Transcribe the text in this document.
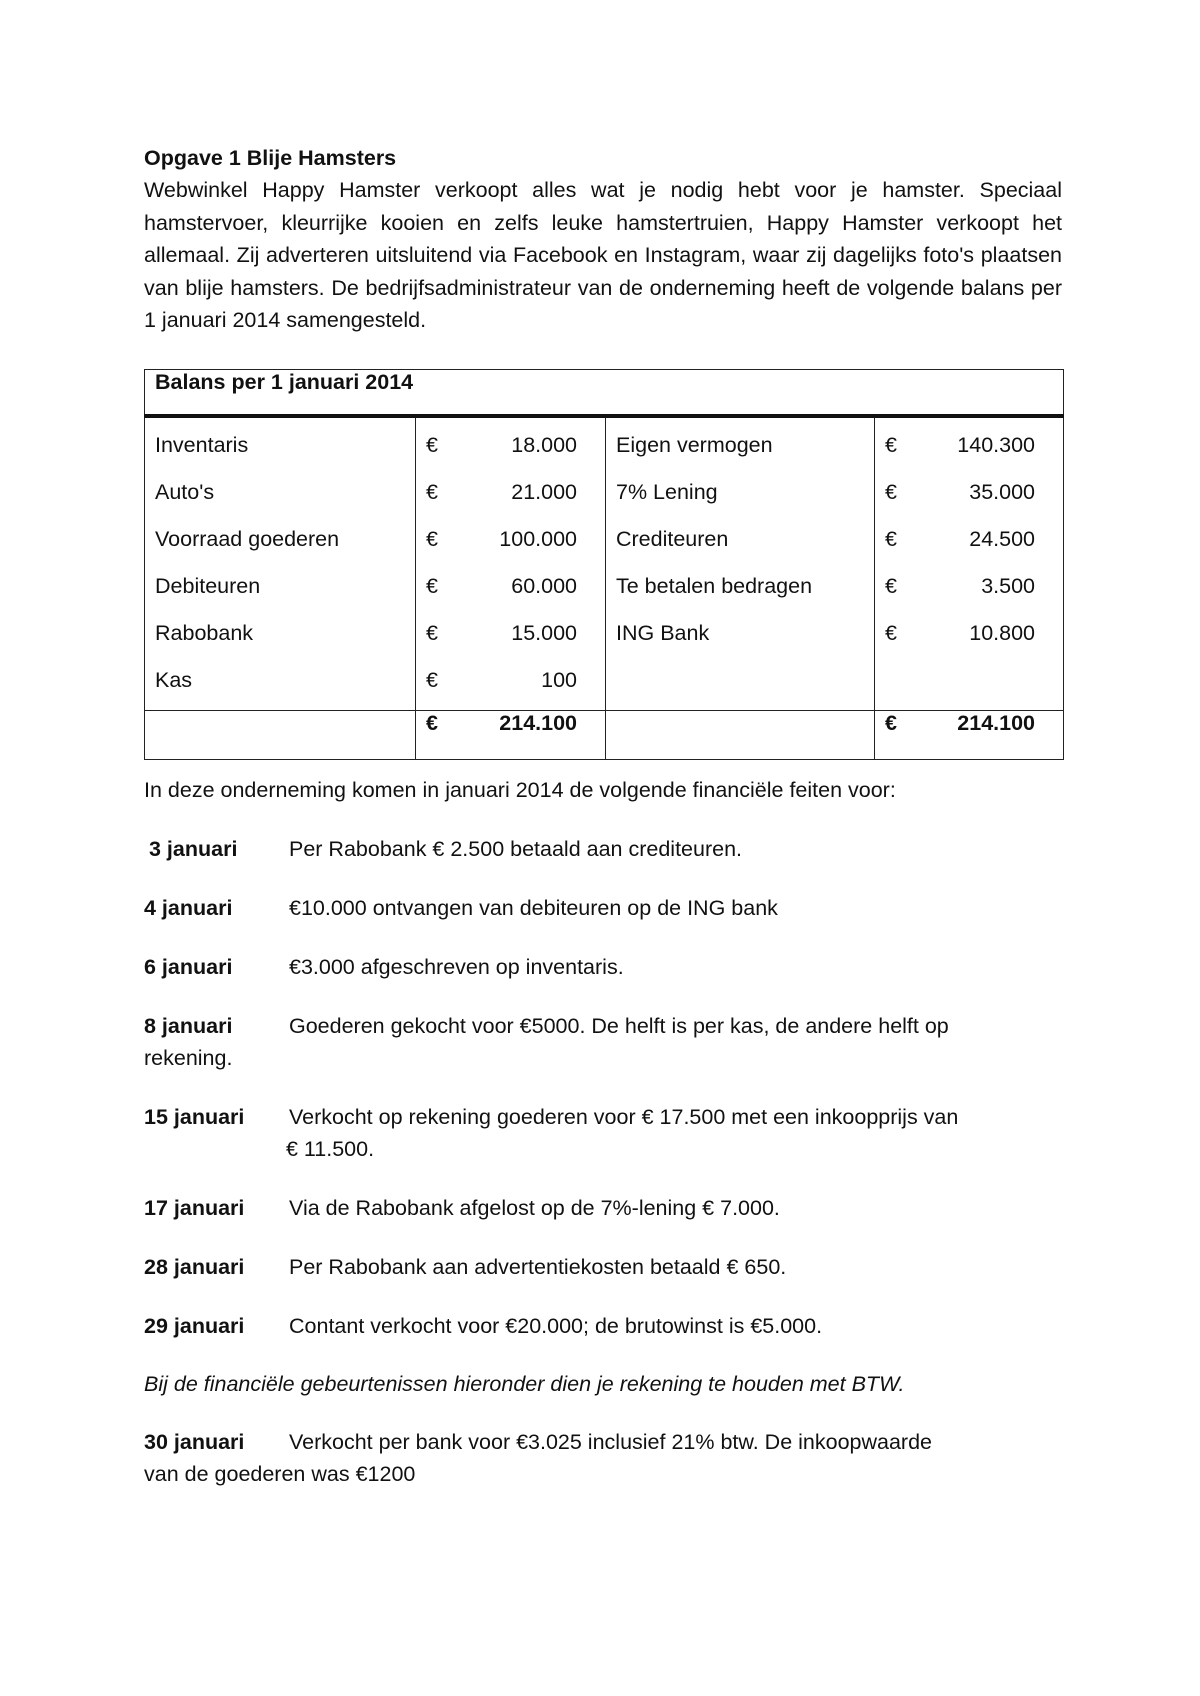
Opgave 1 Blije Hamsters

Webwinkel Happy Hamster verkoopt alles wat je nodig hebt voor je hamster. Speciaal hamstervoer, kleurrijke kooien en zelfs leuke hamstertruien, Happy Hamster verkoopt het allemaal. Zij adverteren uitsluitend via Facebook en Instagram, waar zij dagelijks foto's plaatsen van blije hamsters. De bedrijfsadministrateur van de onderneming heeft de volgende balans per 1 januari 2014 samengesteld.

Balans per 1 januari 2014			
Inventaris	€ 18.000	Eigen vermogen	€ 140.300

Auto's	€ 21.000	7% Lening	€ 35.000

Voorraad goederen	€ 100.000	Crediteuren	€ 24.500

Debiteuren	€ 60.000	Te betalen bedragen	€ 3.500

Rabobank	€ 15.000	ING Bank	€ 10.800

Kas	€ 100		

	€ 214.100		€ 214.100
In deze onderneming komen in januari 2014 de volgende financiële feiten voor:
3 januari Per Rabobank € 2.500 betaald aan crediteuren.
4 januari	€10.000 ontvangen van debiteuren op de ING bank
6 januari	€3.000 afgeschreven op inventaris.
8 januari	Goederen gekocht voor €5000. De helft is per kas, de andere helft op
rekening.
15 januari Verkocht op rekening goederen voor € 17.500 met een inkoopprijs van
€ 11.500.
17 januari Via de Rabobank afgelost op de 7%-lening € 7.000.
28 januari Per Rabobank aan advertentiekosten betaald € 650.
29 januari Contant verkocht voor €20.000; de brutowinst is €5.000.
Bij de financiële gebeurtenissen hieronder dien je rekening te houden met BTW.
30 januari Verkocht per bank voor €3.025 inclusief 21% btw. De inkoopwaarde
van de goederen was €1200
